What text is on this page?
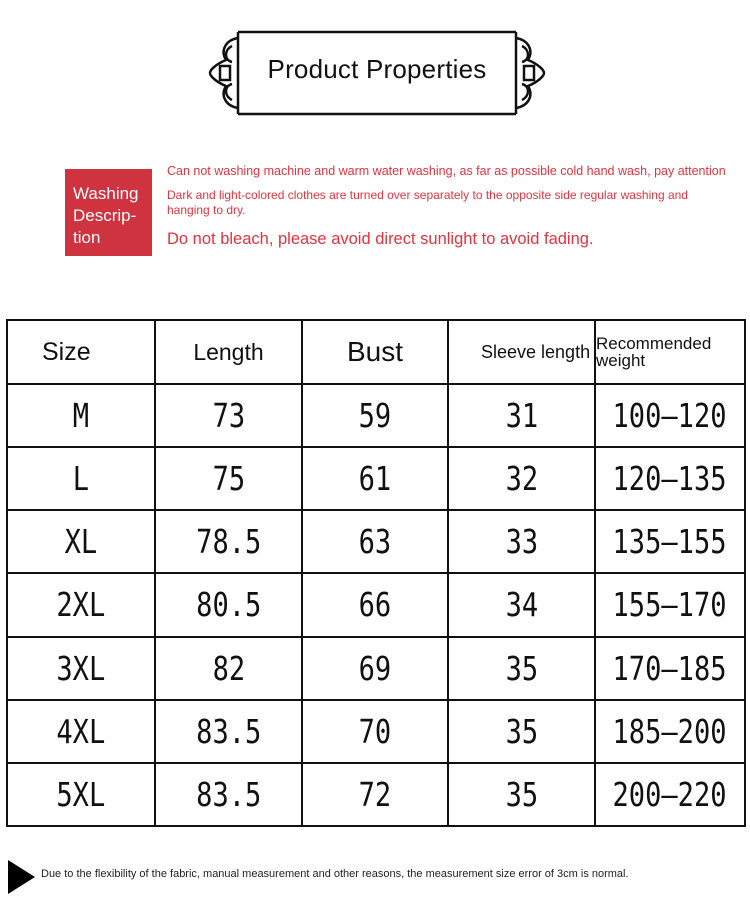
Product Properties
Washing
Descrip-
tion
Can not washing machine and warm water washing, as far as possible cold hand wash, pay attention
Dark and light-colored clothes are turned over separately to the opposite side regular washing and hanging to dry.
Do not bleach, please avoid direct sunlight to avoid fading.
Size	Length	Bust	Sleeve length	Recommended weight
M	73	59	31	100–120
L	75	61	32	120–135
XL	78.5	63	33	135–155
2XL	80.5	66	34	155–170
3XL	82	69	35	170–185
4XL	83.5	70	35	185–200
5XL	83.5	72	35	200–220
Due to the flexibility of the fabric, manual measurement and other reasons, the measurement size error of 3cm is normal.
